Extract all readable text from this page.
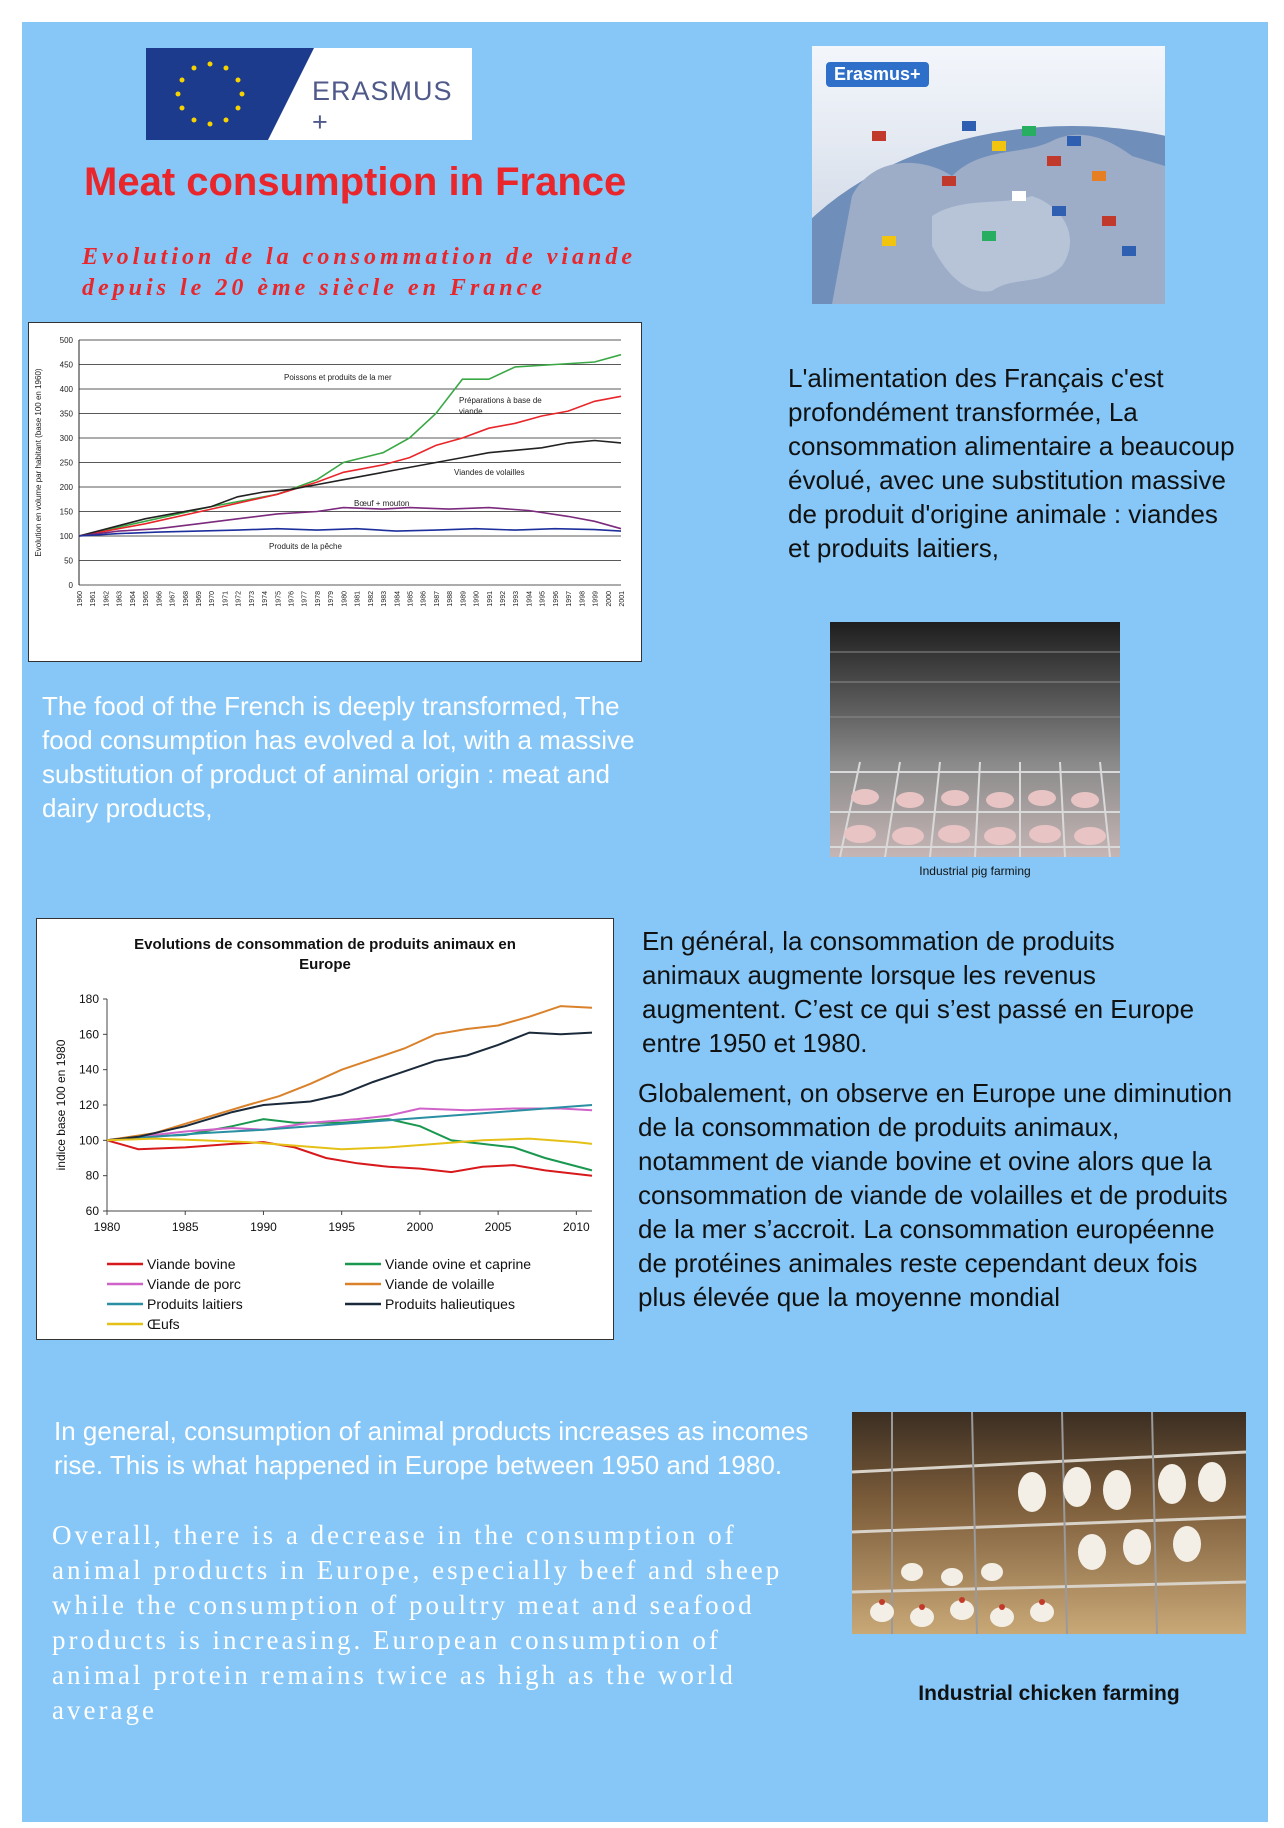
ERASMUS +
Meat consumption in France
Evolution de la consommation de viande depuis le 20 ème siècle en France
Erasmus+
0
50
100
150
200
250
300
350
400
450
500
1960 1961 1962 1963 1964 1965 1966 1967 1968 1969 1970 1971 1972 1973 1974 1975 1976 1977 1978 1979 1980 1981 1982 1983 1984 1985 1986 1987 1988 1989 1990 1991 1992 1993 1994 1995 1996 1997 1998 1999 2000 2001
Evolution en volume par habitant (base 100 en 1960)	Poissons et produits de la mer
Préparations à base de
viande
Viandes de volailles
Bœuf + mouton
Produits de la pêche
L'alimentation des Français c'est profondément transformée, La consommation alimentaire a beaucoup évolué, avec une substitution massive de produit d'origine animale : viandes et produits laitiers,
The food of the French is deeply transformed, The food consumption has evolved a lot, with a massive substitution of product of animal origin : meat and dairy products,
Industrial pig farming
Evolutions de consommation de produits animaux en
Europe
60
80
100
120
140
160
180
1980	1985	1990	1995	2000	2005	2010
indice base 100 en 1980
Viande bovine
Viande de porc
Produits laitiers
Œufs
Viande ovine et caprine
Viande de volaille
Produits halieutiques
En général, la consommation de produits animaux augmente lorsque les revenus augmentent. C’est ce qui s’est passé en Europe entre 1950 et 1980.
Globalement, on observe en Europe une diminution de la consommation de produits animaux, notamment de viande bovine et ovine alors que la consommation de viande de volailles et de produits de la mer s’accroit. La consommation européenne de protéines animales reste cependant deux fois plus élevée que la moyenne mondial
In general, consumption of animal products increases as incomes rise. This is what happened in Europe between 1950 and 1980.
Overall, there is a decrease in the consumption of animal products in Europe, especially beef and sheep while the consumption of poultry meat and seafood products is increasing. European consumption of animal protein remains twice as high as the world average
Industrial chicken farming
